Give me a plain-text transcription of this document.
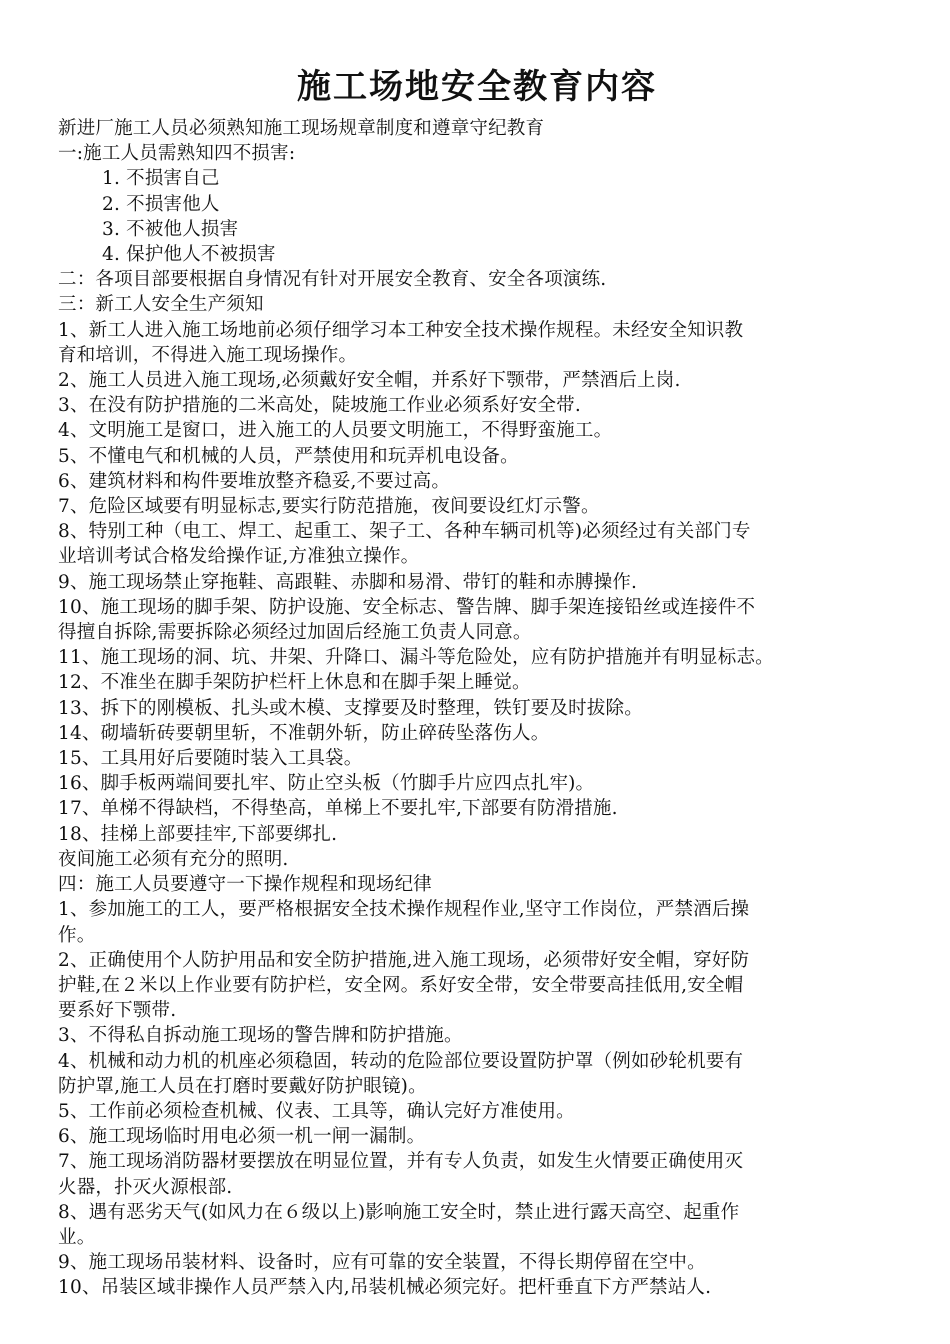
施工场地安全教育内容
新进厂施工人员必须熟知施工现场规章制度和遵章守纪教育
一:施工人员需熟知四不损害:
1. 不损害自己
2. 不损害他人
3. 不被他人损害
4. 保护他人不被损害
二：各项目部要根据自身情况有针对开展安全教育、安全各项演练.
三：新工人安全生产须知
1、新工人进入施工场地前必须仔细学习本工种安全技术操作规程。未经安全知识教
育和培训，不得进入施工现场操作。
2、施工人员进入施工现场,必须戴好安全帽，并系好下颚带，严禁酒后上岗.
3、在没有防护措施的二米高处，陡坡施工作业必须系好安全带.
4、文明施工是窗口，进入施工的人员要文明施工，不得野蛮施工。
5、不懂电气和机械的人员，严禁使用和玩弄机电设备。
6、建筑材料和构件要堆放整齐稳妥,不要过高。
7、危险区域要有明显标志,要实行防范措施，夜间要设红灯示警。
8、特别工种（电工、焊工、起重工、架子工、各种车辆司机等)必须经过有关部门专
业培训考试合格发给操作证,方准独立操作。
9、施工现场禁止穿拖鞋、高跟鞋、赤脚和易滑、带钉的鞋和赤膊操作.
10、施工现场的脚手架、防护设施、安全标志、警告牌、脚手架连接铅丝或连接件不
得擅自拆除,需要拆除必须经过加固后经施工负责人同意。
11、施工现场的洞、坑、井架、升降口、漏斗等危险处，应有防护措施并有明显标志。
12、不准坐在脚手架防护栏杆上休息和在脚手架上睡觉。
13、拆下的刚模板、扎头或木模、支撑要及时整理，铁钉要及时拔除。
14、砌墙斩砖要朝里斩，不准朝外斩，防止碎砖坠落伤人。
15、工具用好后要随时装入工具袋。
16、脚手板两端间要扎牢、防止空头板（竹脚手片应四点扎牢)。
17、单梯不得缺档，不得垫高，单梯上不要扎牢,下部要有防滑措施.
18、挂梯上部要挂牢,下部要绑扎.
夜间施工必须有充分的照明.
四：施工人员要遵守一下操作规程和现场纪律
1、参加施工的工人，要严格根据安全技术操作规程作业,坚守工作岗位，严禁酒后操
作。
2、正确使用个人防护用品和安全防护措施,进入施工现场，必须带好安全帽，穿好防
护鞋,在２米以上作业要有防护栏，安全网。系好安全带，安全带要高挂低用,安全帽
要系好下颚带.
3、不得私自拆动施工现场的警告牌和防护措施。
4、机械和动力机的机座必须稳固，转动的危险部位要设置防护罩（例如砂轮机要有
防护罩,施工人员在打磨时要戴好防护眼镜)。
5、工作前必须检查机械、仪表、工具等，确认完好方准使用。
6、施工现场临时用电必须一机一闸一漏制。
7、施工现场消防器材要摆放在明显位置，并有专人负责，如发生火情要正确使用灭
火器，扑灭火源根部.
8、遇有恶劣天气(如风力在６级以上)影响施工安全时，禁止进行露天高空、起重作
业。
9、施工现场吊装材料、设备时，应有可靠的安全装置，不得长期停留在空中。
10、吊装区域非操作人员严禁入内,吊装机械必须完好。把杆垂直下方严禁站人.
